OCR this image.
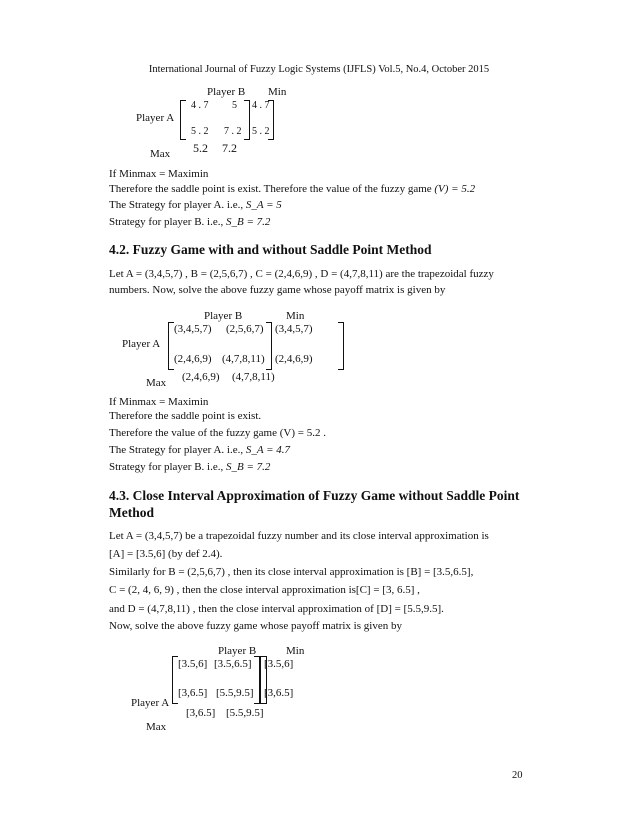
International Journal of Fuzzy Logic Systems (IJFLS) Vol.5, No.4, October 2015
Player B Min
Player A
4 . 7 5 4 . 7
5 . 2 7 . 2 5 . 2
5.2 7.2
Max
If Minmax = Maximin
Therefore the saddle point is exist. Therefore the value of the fuzzy game (V) = 5.2
The Strategy for player A. i.e., S_A = 5
Strategy for player B. i.e., S_B = 7.2
4.2. Fuzzy Game with and without Saddle Point Method
Let A = (3,4,5,7) , B = (2,5,6,7) , C = (2,4,6,9) , D = (4,7,8,11) are the trapezoidal fuzzy
numbers. Now, solve the above fuzzy game whose payoff matrix is given by
Player B	Min
Player A
(3,4,5,7) (2,5,6,7) (3,4,5,7)
(2,4,6,9) (4,7,8,11) (2,4,6,9)
(2,4,6,9) (4,7,8,11)
Max
If Minmax = Maximin
Therefore the saddle point is exist.
Therefore the value of the fuzzy game (V) = 5.2 .
The Strategy for player A. i.e., S_A = 4.7
Strategy for player B. i.e., S_B = 7.2
4.3. Close Interval Approximation of Fuzzy Game without Saddle Point
Method
Let A = (3,4,5,7) be a trapezoidal fuzzy number and its close interval approximation is
[A] = [3.5,6] (by def 2.4).
Similarly for B = (2,5,6,7) , then its close interval approximation is [B] = [3.5,6.5],
C = (2, 4, 6, 9) , then the close interval approximation is[C] = [3, 6.5] ,
and D = (4,7,8,11) , then the close interval approximation of [D] = [5.5,9.5].
Now, solve the above fuzzy game whose payoff matrix is given by
Player B	Min
Player A
[3.5,6] [3.5,6.5] [3.5,6]
[3,6.5] [5.5,9.5] [3,6.5]
[3,6.5] [5.5,9.5]
Max
20
